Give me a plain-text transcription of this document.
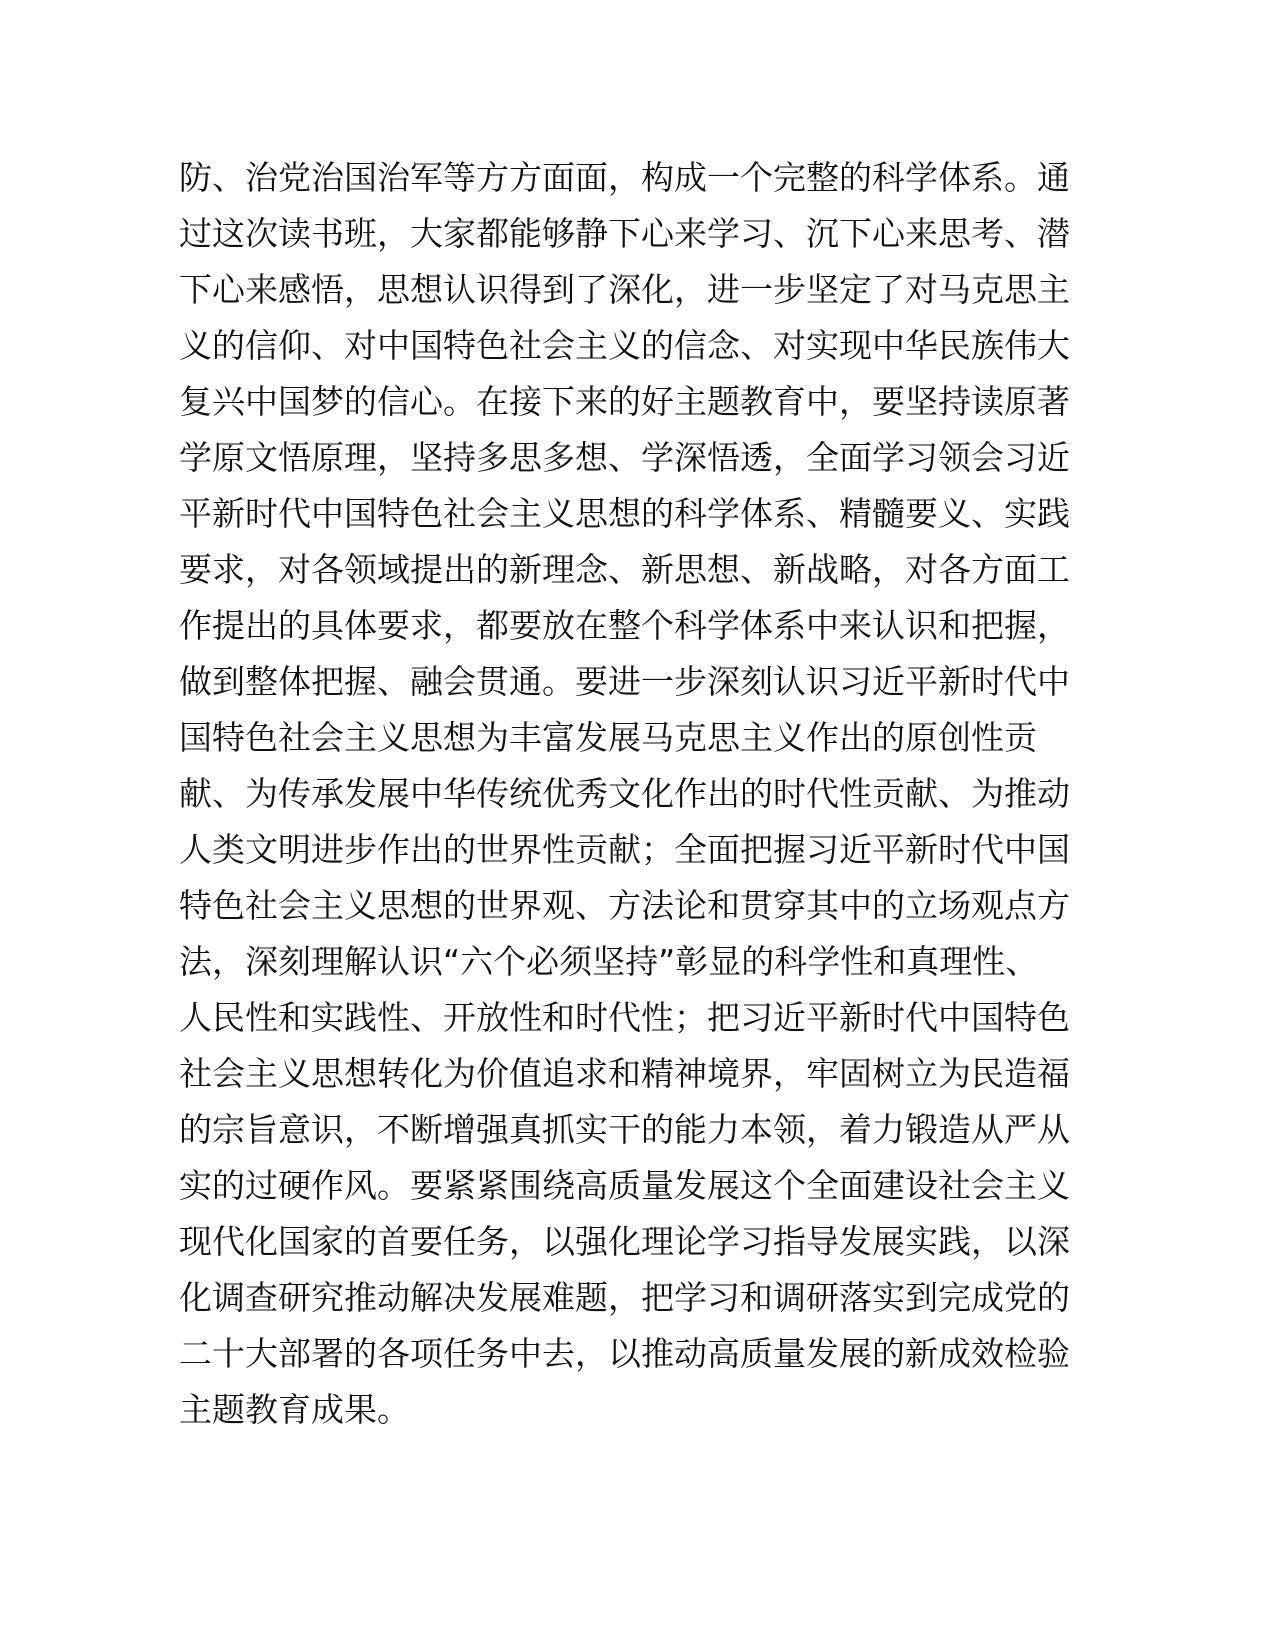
防、治党治国治军等方方面面，构成一个完整的科学体系。通
过这次读书班，大家都能够静下心来学习、沉下心来思考、潜
下心来感悟，思想认识得到了深化，进一步坚定了对马克思主
义的信仰、对中国特色社会主义的信念、对实现中华民族伟大
复兴中国梦的信心。在接下来的好主题教育中，要坚持读原著
学原文悟原理，坚持多思多想、学深悟透，全面学习领会习近
平新时代中国特色社会主义思想的科学体系、精髓要义、实践
要求，对各领域提出的新理念、新思想、新战略，对各方面工
作提出的具体要求，都要放在整个科学体系中来认识和把握，
做到整体把握、融会贯通。要进一步深刻认识习近平新时代中
国特色社会主义思想为丰富发展马克思主义作出的原创性贡
献、为传承发展中华传统优秀文化作出的时代性贡献、为推动
人类文明进步作出的世界性贡献；全面把握习近平新时代中国
特色社会主义思想的世界观、方法论和贯穿其中的立场观点方
法，深刻理解认识“六个必须坚持”彰显的科学性和真理性、
人民性和实践性、开放性和时代性；把习近平新时代中国特色
社会主义思想转化为价值追求和精神境界，牢固树立为民造福
的宗旨意识，不断增强真抓实干的能力本领，着力锻造从严从
实的过硬作风。要紧紧围绕高质量发展这个全面建设社会主义
现代化国家的首要任务，以强化理论学习指导发展实践，以深
化调查研究推动解决发展难题，把学习和调研落实到完成党的
二十大部署的各项任务中去，以推动高质量发展的新成效检验
主题教育成果。
